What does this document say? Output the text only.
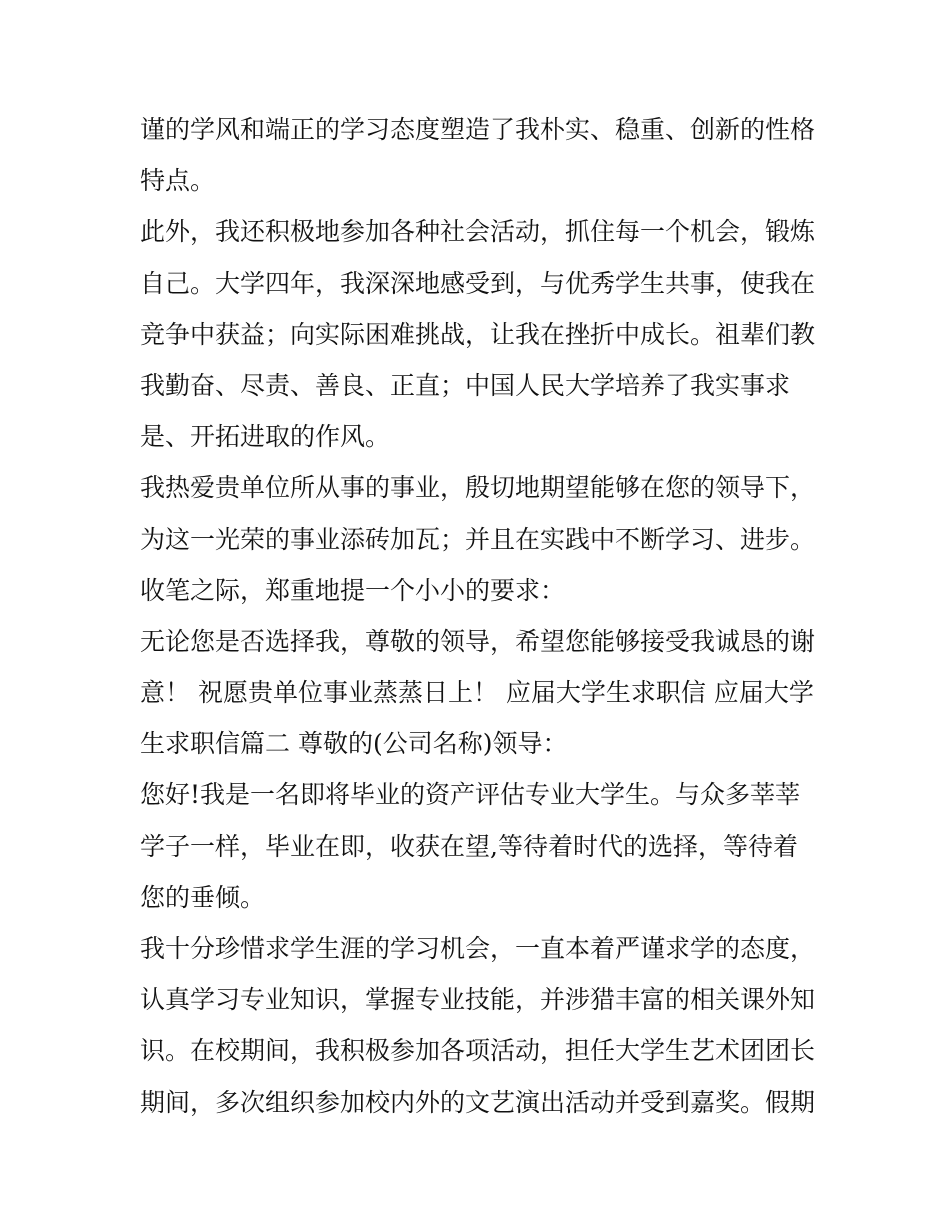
谨的学风和端正的学习态度塑造了我朴实、稳重、创新的性格
特点。
此外，我还积极地参加各种社会活动，抓住每一个机会，锻炼
自己。大学四年，我深深地感受到，与优秀学生共事，使我在
竞争中获益；向实际困难挑战，让我在挫折中成长。祖辈们教
我勤奋、尽责、善良、正直；中国人民大学培养了我实事求
是、开拓进取的作风。
我热爱贵单位所从事的事业，殷切地期望能够在您的领导下，
为这一光荣的事业添砖加瓦；并且在实践中不断学习、进步。
收笔之际，郑重地提一个小小的要求：
无论您是否选择我，尊敬的领导，希望您能够接受我诚恳的谢
意！ 祝愿贵单位事业蒸蒸日上！ 应届大学生求职信 应届大学
生求职信篇二 尊敬的(公司名称)领导：
您好!我是一名即将毕业的资产评估专业大学生。与众多莘莘
学子一样，毕业在即，收获在望,等待着时代的选择，等待着
您的垂倾。
我十分珍惜求学生涯的学习机会，一直本着严谨求学的态度，
认真学习专业知识，掌握专业技能，并涉猎丰富的相关课外知
识。在校期间，我积极参加各项活动，担任大学生艺术团团长
期间，多次组织参加校内外的文艺演出活动并受到嘉奖。假期
